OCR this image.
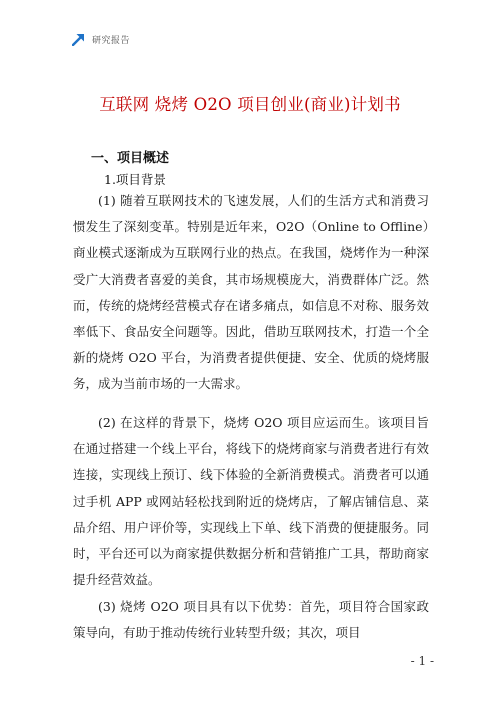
研究报告
互联网 烧烤 O2O 项目创业(商业)计划书
一、项目概述
1.项目背景
(1) 随着互联网技术的飞速发展，人们的生活方式和消费习惯发生了深刻变革。特别是近年来，O2O（Online to Offline）商业模式逐渐成为互联网行业的热点。在我国，烧烤作为一种深受广大消费者喜爱的美食，其市场规模庞大，消费群体广泛。然而，传统的烧烤经营模式存在诸多痛点，如信息不对称、服务效率低下、食品安全问题等。因此，借助互联网技术，打造一个全新的烧烤 O2O 平台，为消费者提供便捷、安全、优质的烧烤服务，成为当前市场的一大需求。
(2) 在这样的背景下，烧烤 O2O 项目应运而生。该项目旨在通过搭建一个线上平台，将线下的烧烤商家与消费者进行有效连接，实现线上预订、线下体验的全新消费模式。消费者可以通过手机 APP 或网站轻松找到附近的烧烤店，了解店铺信息、菜品介绍、用户评价等，实现线上下单、线下消费的便捷服务。同时，平台还可以为商家提供数据分析和营销推广工具，帮助商家提升经营效益。
(3) 烧烤 O2O 项目具有以下优势：首先，项目符合国家政策导向，有助于推动传统行业转型升级；其次，项目
- 1 -
